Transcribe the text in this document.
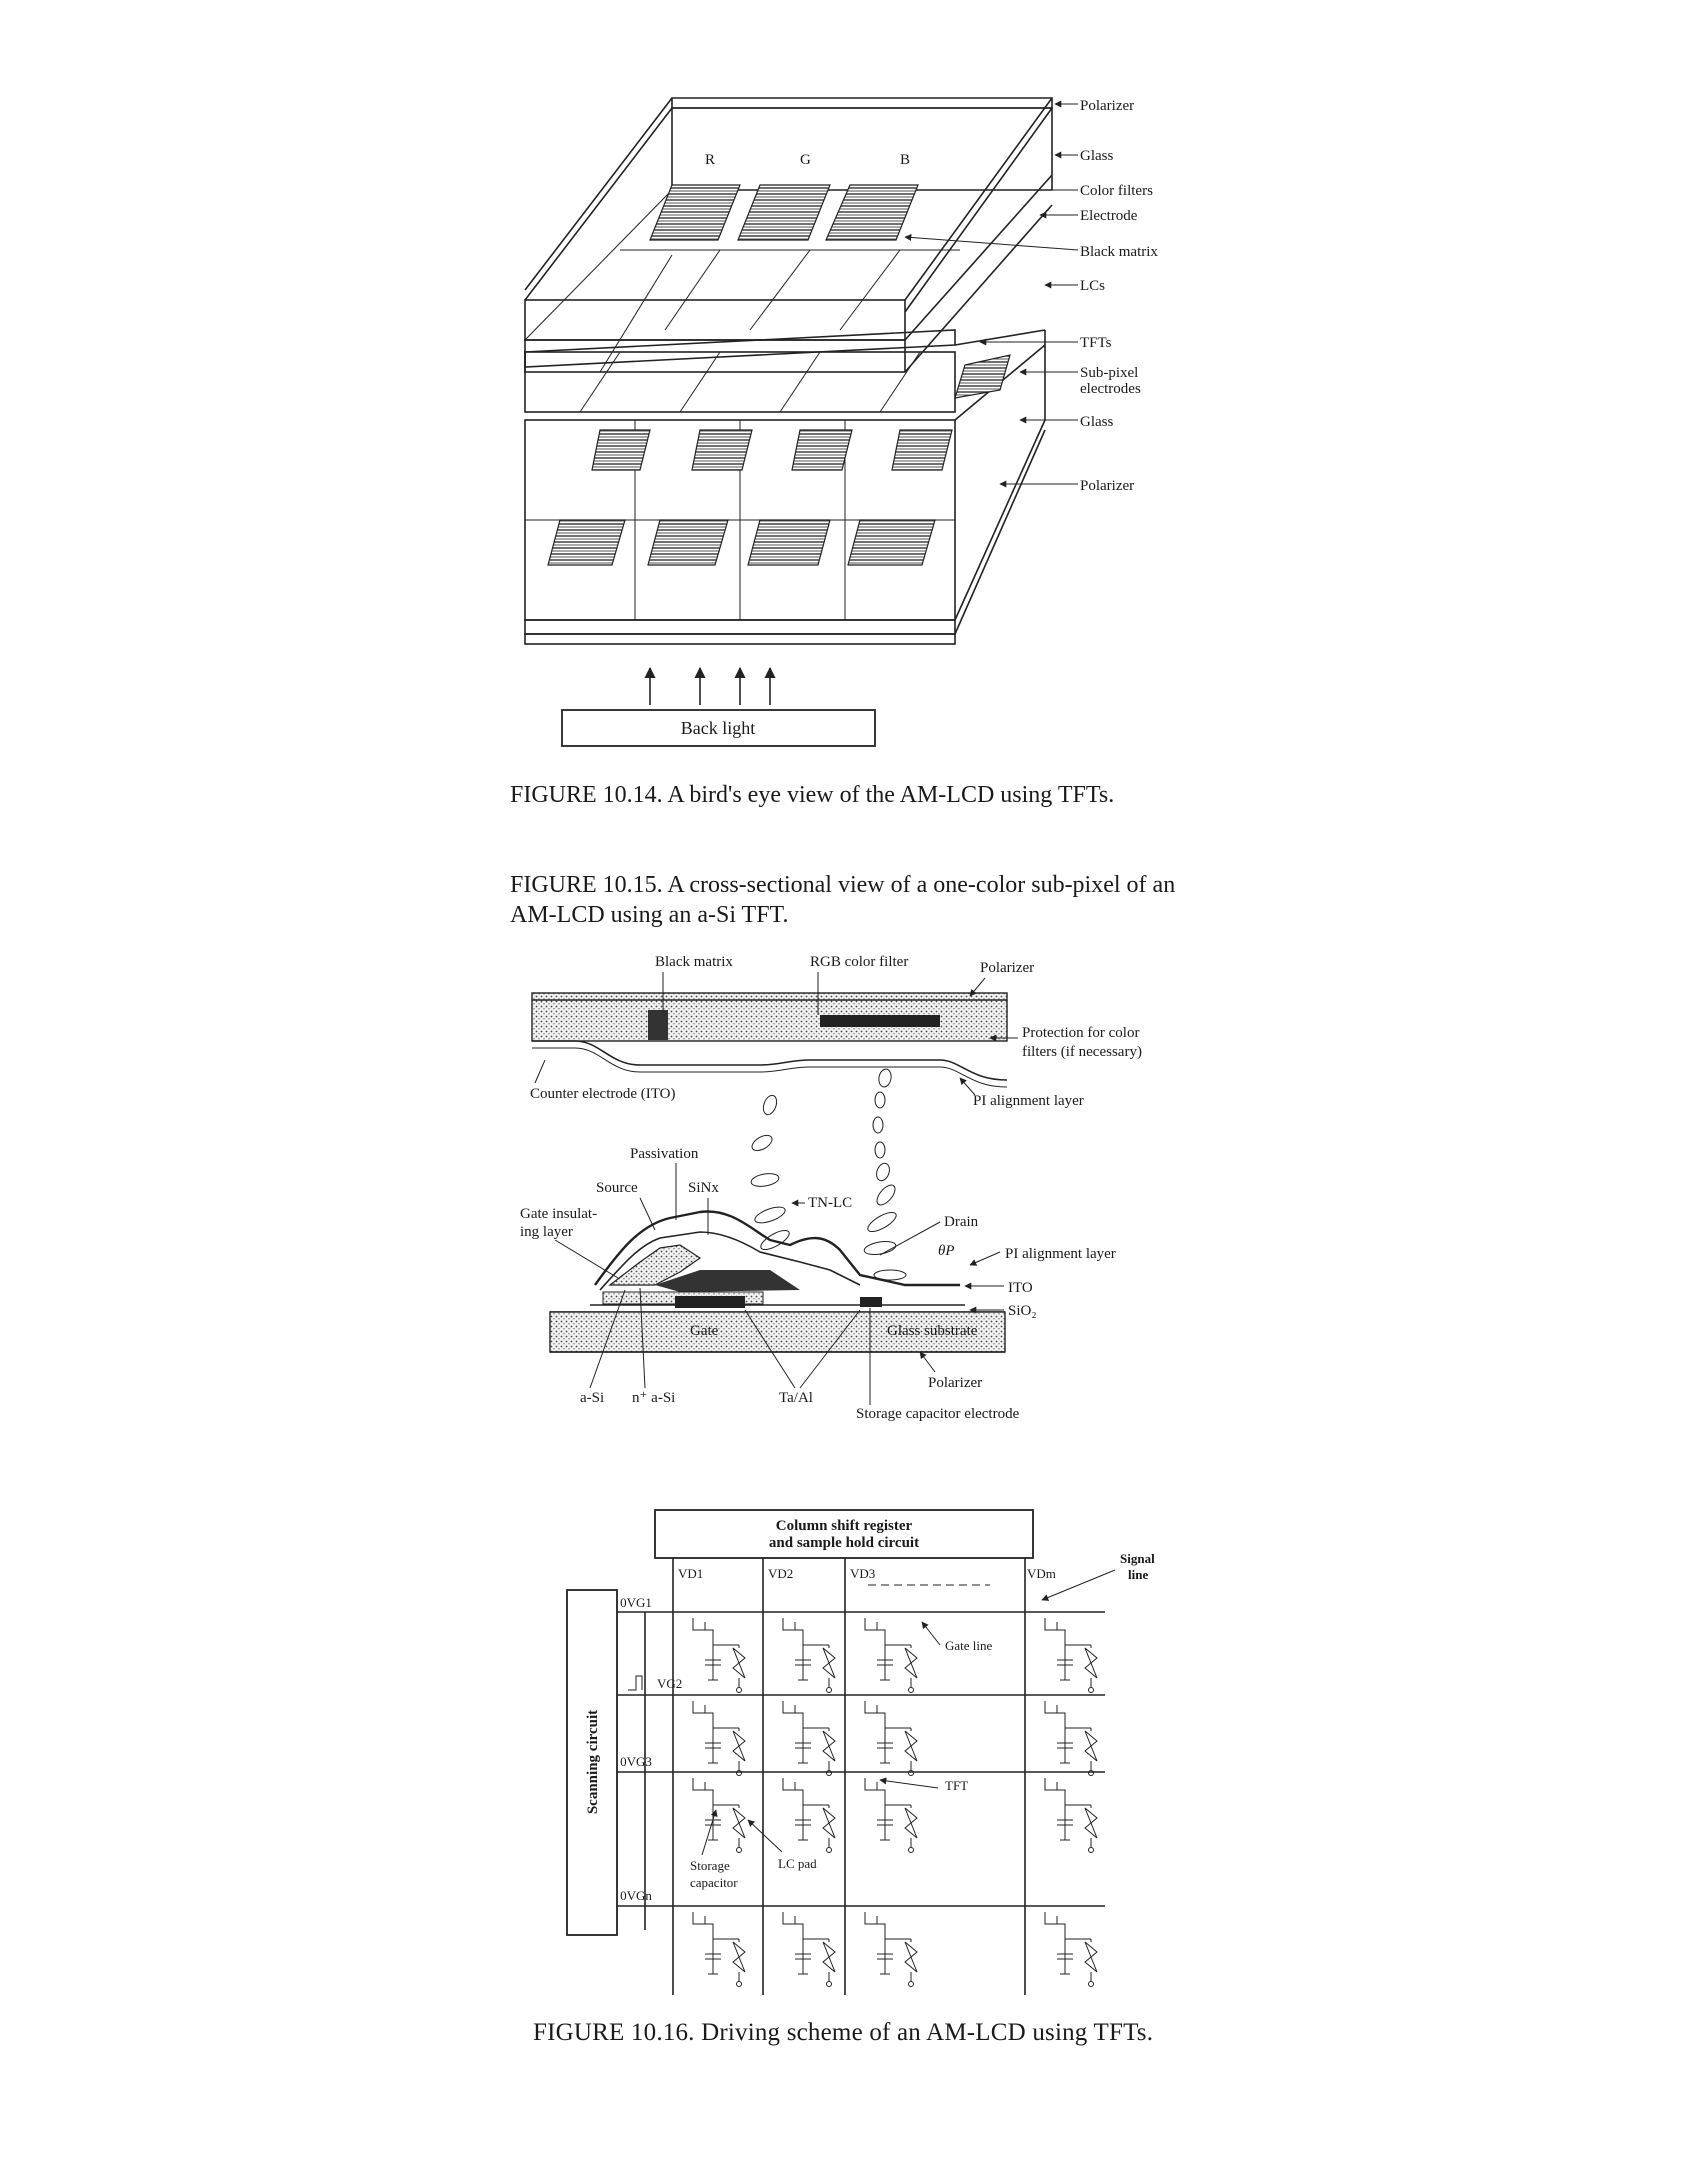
R	G	B
Polarizer
Glass
Color filters
Electrode
Black matrix
LCs
TFTs
Sub-pixel
electrodes
Glass
Polarizer
Back light
FIGURE 10.14. A bird's eye view of the AM-LCD using TFTs.
FIGURE 10.15. A cross-sectional view of a one-color sub-pixel of an AM-LCD using an a-Si TFT.
Black matrix	RGB color filter	Polarizer
Protection for color
filters (if necessary)
Counter electrode (ITO)	PI alignment layer
Passivation
Source	SiNx
TN-LC
Drain
θP
Gate insulat-
ing layer
PI alignment layer
ITO
SiO₂
Gate	Glass substrate
a-Si n⁺ a-Si	Ta/Al
Polarizer
Storage capacitor electrode
Column shift register
and sample hold circuit
Scanning circuit
VD1	VD2	VD3	VDm
0VG1
VG2
0VG3
0VGn
Signal
line
Gate line
TFT
Storage
capacitor
LC pad
FIGURE 10.16. Driving scheme of an AM-LCD using TFTs.
